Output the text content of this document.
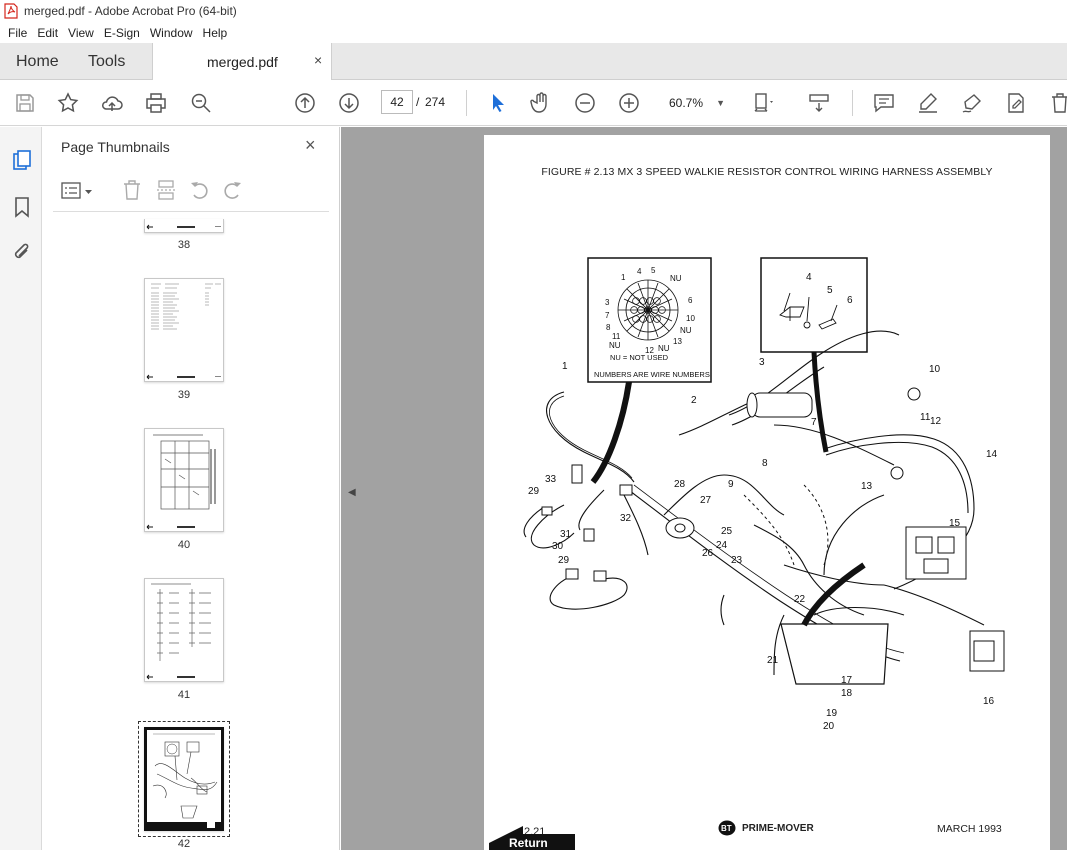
merged.pdf - Adobe Acrobat Pro (64-bit)
File Edit View E-Sign Window Help
Home Tools	merged.pdf	×
42	/ 274	60.7% ▼
Page Thumbnails	×
38
39
40
41
42
◀
FIGURE # 2.13 MX 3 SPEED WALKIE RESISTOR CONTROL WIRING HARNESS ASSEMBLY
1
4 5
NU
3	6
7	10
8
11
NU
12 NU
13
NU
NU = NOT USED
NUMBERS ARE WIRE NUMBERS
1
2
3
4
5
6
7
8
9
10
11 12
13
14
15
16
17
18
19
20
21
22
23
24
25
26
27
28
29
29
30
31
32
33
2.21	BT PRIME-MOVER	MARCH 1993
Return
